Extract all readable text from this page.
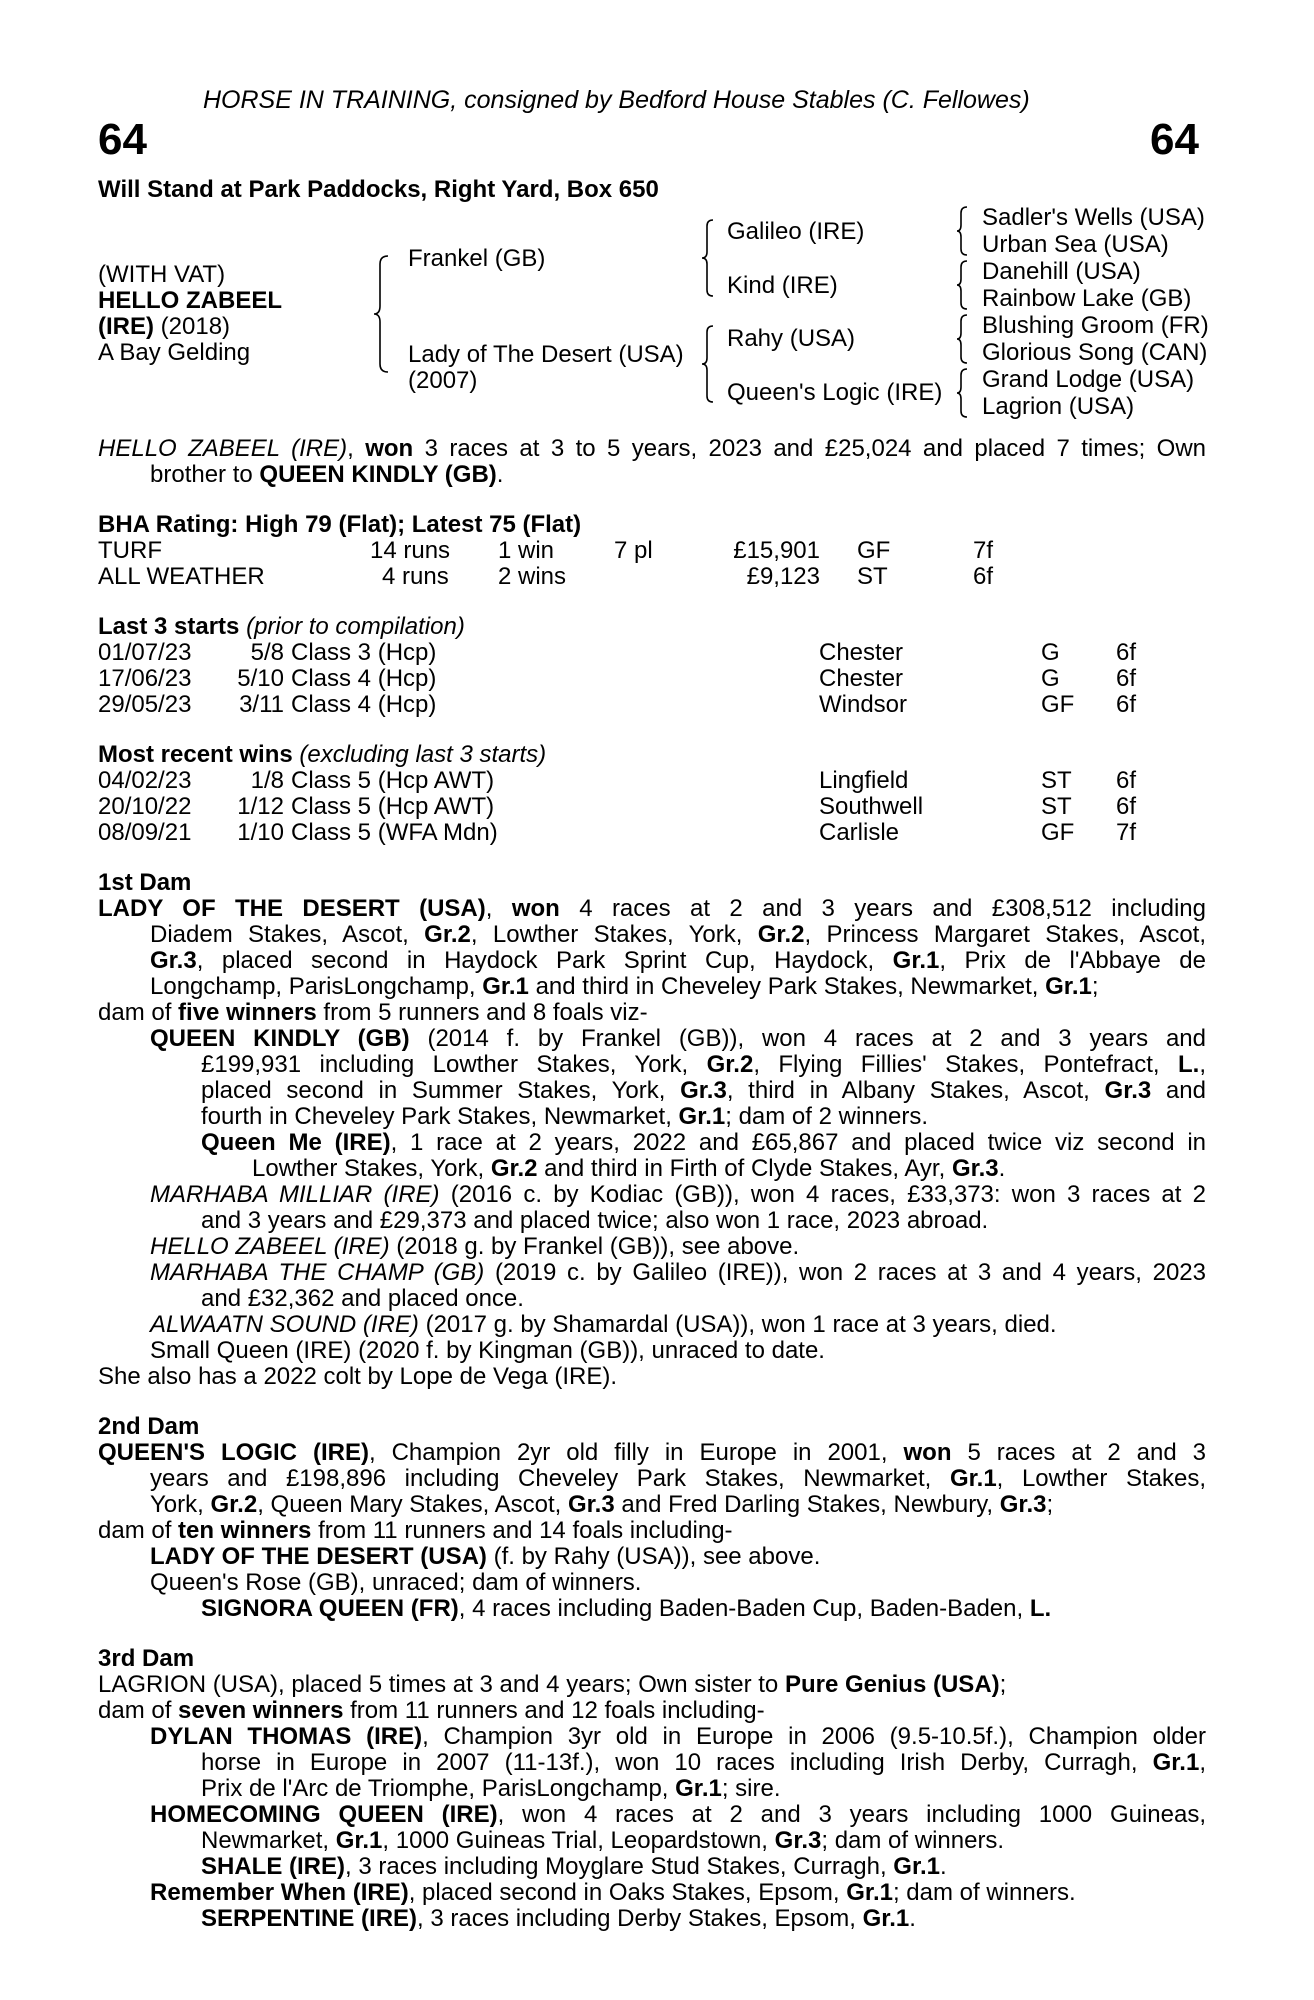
HORSE IN TRAINING, consigned by Bedford House Stables (C. Fellowes)
64	64
Will Stand at Park Paddocks, Right Yard, Box 650
(WITH VAT)
HELLO ZABEEL
(IRE) (2018)
A Bay Gelding
Frankel (GB)
Lady of The Desert (USA)
(2007)
Galileo (IRE)
Kind (IRE)
Rahy (USA)
Queen's Logic (IRE)
Sadler's Wells (USA)
Urban Sea (USA)
Danehill (USA)
Rainbow Lake (GB)
Blushing Groom (FR)
Glorious Song (CAN)
Grand Lodge (USA)
Lagrion (USA)
HELLO ZABEEL (IRE), won 3 races at 3 to 5 years, 2023 and £25,024 and placed 7 times; Own
brother to QUEEN KINDLY (GB).
BHA Rating: High 79 (Flat); Latest 75 (Flat)
TURF	14 runs 1 win 7 pl	£15,901 GF	7f
ALL WEATHER	4 runs 2 wins	£9,123 ST	6f
Last 3 starts (prior to compilation)
01/07/23 5/8 Class 3 (Hcp)	Chester	G 6f
17/06/23 5/10 Class 4 (Hcp)	Chester	G 6f
29/05/23 3/11 Class 4 (Hcp)	Windsor	GF 6f
Most recent wins (excluding last 3 starts)
04/02/23 1/8 Class 5 (Hcp AWT)	Lingfield	ST 6f
20/10/22 1/12 Class 5 (Hcp AWT)	Southwell	ST 6f
08/09/21 1/10 Class 5 (WFA Mdn)	Carlisle	GF 7f
1st Dam
LADY OF THE DESERT (USA), won 4 races at 2 and 3 years and £308,512 including
Diadem Stakes, Ascot, Gr.2, Lowther Stakes, York, Gr.2, Princess Margaret Stakes, Ascot,
Gr.3, placed second in Haydock Park Sprint Cup, Haydock, Gr.1, Prix de l'Abbaye de
Longchamp, ParisLongchamp, Gr.1 and third in Cheveley Park Stakes, Newmarket, Gr.1;
dam of five winners from 5 runners and 8 foals viz-
QUEEN KINDLY (GB) (2014 f. by Frankel (GB)), won 4 races at 2 and 3 years and
£199,931 including Lowther Stakes, York, Gr.2, Flying Fillies' Stakes, Pontefract, L.,
placed second in Summer Stakes, York, Gr.3, third in Albany Stakes, Ascot, Gr.3 and
fourth in Cheveley Park Stakes, Newmarket, Gr.1; dam of 2 winners.
Queen Me (IRE), 1 race at 2 years, 2022 and £65,867 and placed twice viz second in
Lowther Stakes, York, Gr.2 and third in Firth of Clyde Stakes, Ayr, Gr.3.
MARHABA MILLIAR (IRE) (2016 c. by Kodiac (GB)), won 4 races, £33,373: won 3 races at 2
and 3 years and £29,373 and placed twice; also won 1 race, 2023 abroad.
HELLO ZABEEL (IRE) (2018 g. by Frankel (GB)), see above.
MARHABA THE CHAMP (GB) (2019 c. by Galileo (IRE)), won 2 races at 3 and 4 years, 2023
and £32,362 and placed once.
ALWAATN SOUND (IRE) (2017 g. by Shamardal (USA)), won 1 race at 3 years, died.
Small Queen (IRE) (2020 f. by Kingman (GB)), unraced to date.
She also has a 2022 colt by Lope de Vega (IRE).
2nd Dam
QUEEN'S LOGIC (IRE), Champion 2yr old filly in Europe in 2001, won 5 races at 2 and 3
years and £198,896 including Cheveley Park Stakes, Newmarket, Gr.1, Lowther Stakes,
York, Gr.2, Queen Mary Stakes, Ascot, Gr.3 and Fred Darling Stakes, Newbury, Gr.3;
dam of ten winners from 11 runners and 14 foals including-
LADY OF THE DESERT (USA) (f. by Rahy (USA)), see above.
Queen's Rose (GB), unraced; dam of winners.
SIGNORA QUEEN (FR), 4 races including Baden-Baden Cup, Baden-Baden, L.
3rd Dam
LAGRION (USA), placed 5 times at 3 and 4 years; Own sister to Pure Genius (USA);
dam of seven winners from 11 runners and 12 foals including-
DYLAN THOMAS (IRE), Champion 3yr old in Europe in 2006 (9.5-10.5f.), Champion older
horse in Europe in 2007 (11-13f.), won 10 races including Irish Derby, Curragh, Gr.1,
Prix de l'Arc de Triomphe, ParisLongchamp, Gr.1; sire.
HOMECOMING QUEEN (IRE), won 4 races at 2 and 3 years including 1000 Guineas,
Newmarket, Gr.1, 1000 Guineas Trial, Leopardstown, Gr.3; dam of winners.
SHALE (IRE), 3 races including Moyglare Stud Stakes, Curragh, Gr.1.
Remember When (IRE), placed second in Oaks Stakes, Epsom, Gr.1; dam of winners.
SERPENTINE (IRE), 3 races including Derby Stakes, Epsom, Gr.1.
